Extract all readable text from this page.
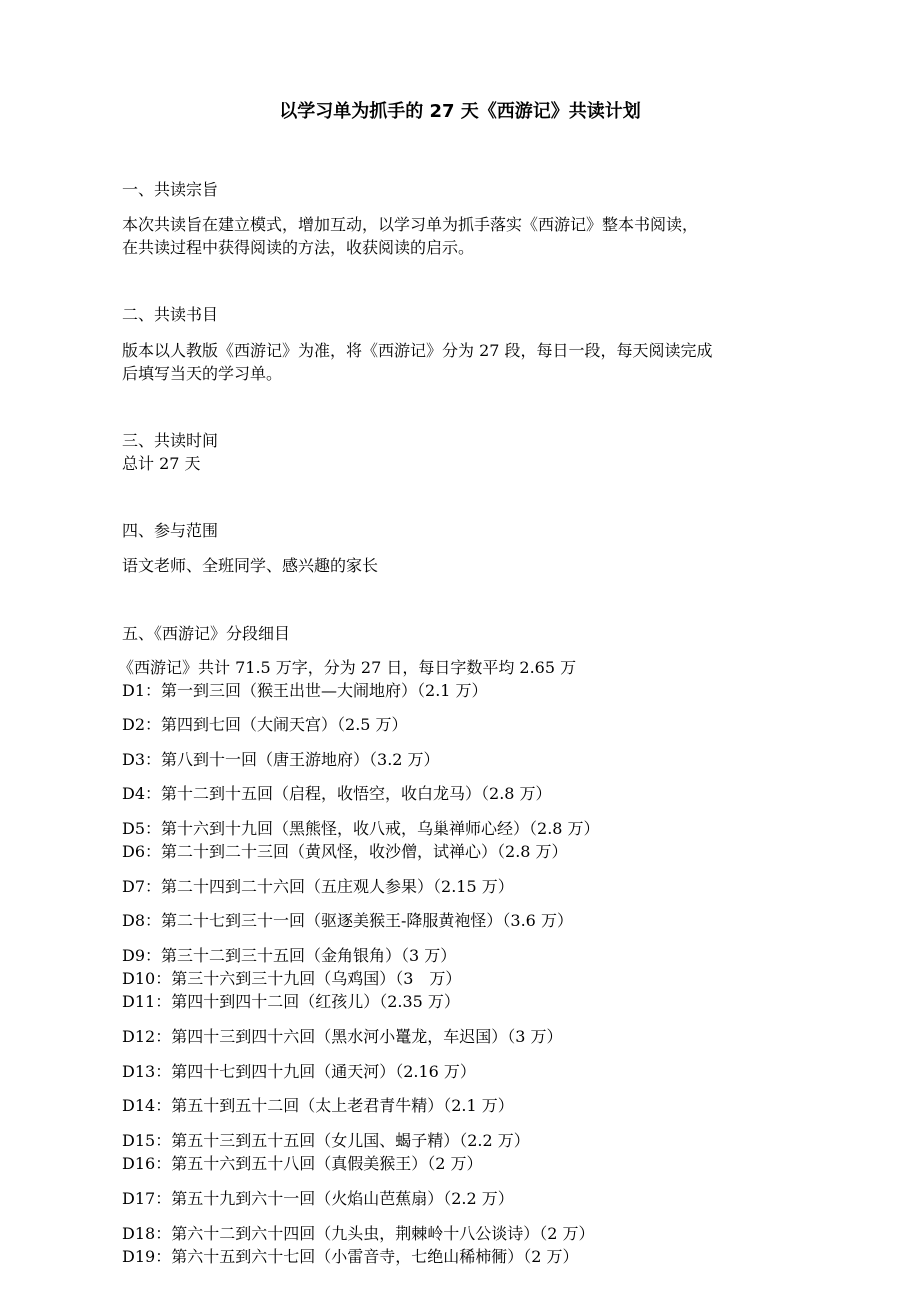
以学习单为抓手的 27 天《西游记》共读计划
一、共读宗旨
本次共读旨在建立模式，增加互动，以学习单为抓手落实《西游记》整本书阅读，
在共读过程中获得阅读的方法，收获阅读的启示。
二、共读书目
版本以人教版《西游记》为准，将《西游记》分为 27 段，每日一段，每天阅读完成
后填写当天的学习单。
三、共读时间
总计 27 天
四、参与范围
语文老师、全班同学、感兴趣的家长
五、《西游记》分段细目
《西游记》共计 71.5 万字，分为 27 日，每日字数平均 2.65 万
D1：第一到三回（猴王出世—大闹地府）（2.1 万）
D2：第四到七回（大闹天宫）（2.5 万）
D3：第八到十一回（唐王游地府）（3.2 万）
D4：第十二到十五回（启程，收悟空，收白龙马）（2.8 万）
D5：第十六到十九回（黑熊怪，收八戒，乌巢禅师心经）（2.8 万）
D6：第二十到二十三回（黄风怪，收沙僧，试禅心）（2.8 万）
D7：第二十四到二十六回（五庄观人参果）（2.15 万）
D8：第二十七到三十一回（驱逐美猴王-降服黄袍怪）（3.6 万）
D9：第三十二到三十五回（金角银角）（3 万）
D10：第三十六到三十九回（乌鸡国）（3　万）
D11：第四十到四十二回（红孩儿）（2.35 万）
D12：第四十三到四十六回（黑水河小鼍龙，车迟国）（3 万）
D13：第四十七到四十九回（通天河）（2.16 万）
D14：第五十到五十二回（太上老君青牛精）（2.1 万）
D15：第五十三到五十五回（女儿国、蝎子精）（2.2 万）
D16：第五十六到五十八回（真假美猴王）（2 万）
D17：第五十九到六十一回（火焰山芭蕉扇）（2.2 万）
D18：第六十二到六十四回（九头虫，荆棘岭十八公谈诗）（2 万）
D19：第六十五到六十七回（小雷音寺，七绝山稀柿衕）（2 万）
